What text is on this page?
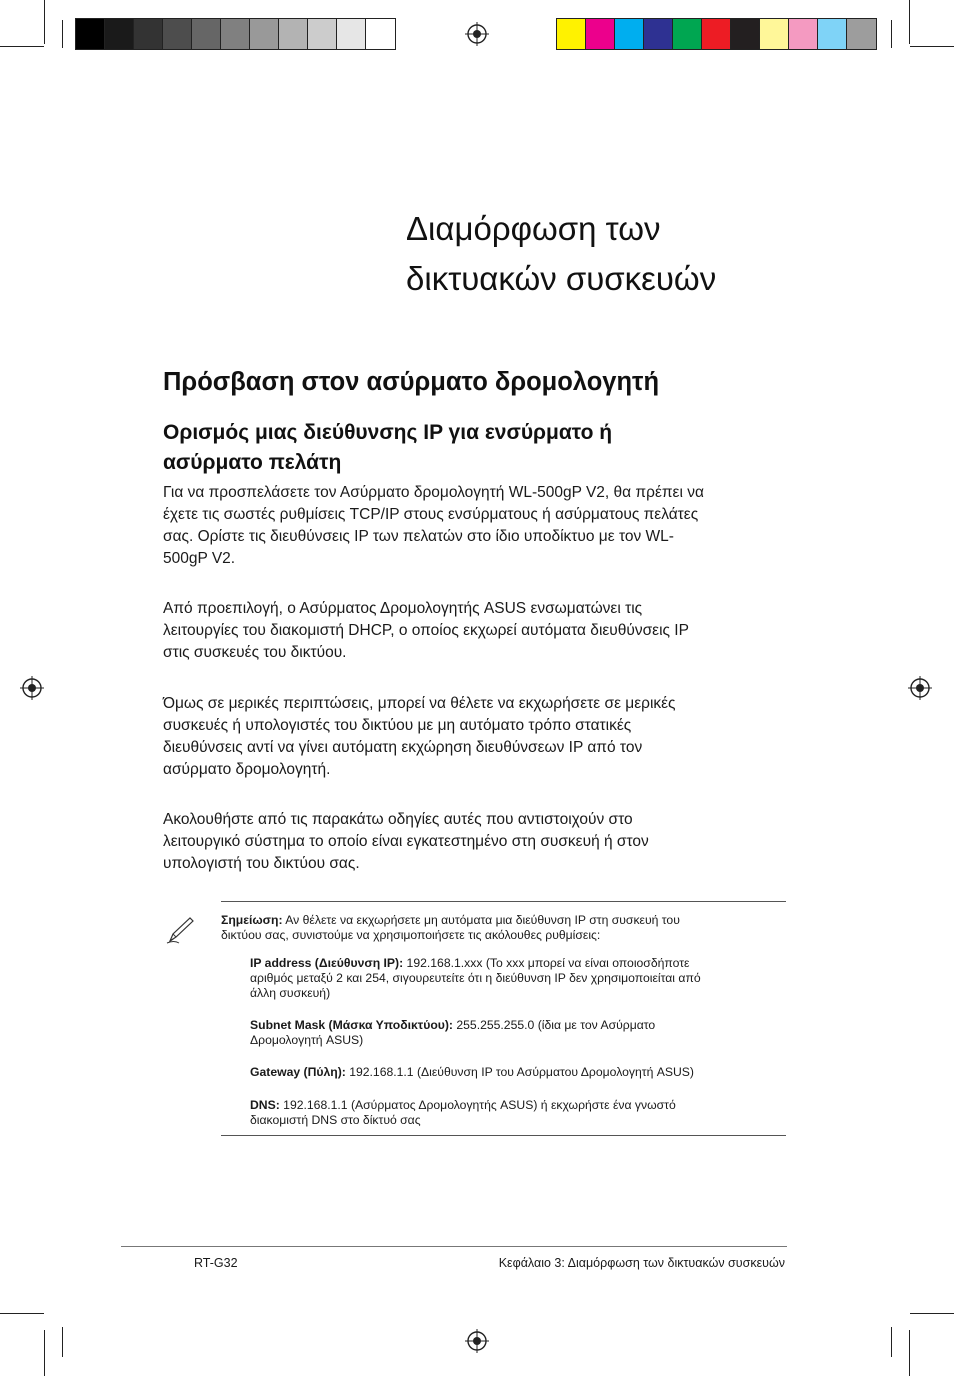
Διαμόρφωση των
δικτυακών συσκευών
Πρόσβαση στον ασύρματο δρομολογητή
Ορισμός μιας διεύθυνσης IP για ενσύρματο ή
ασύρματο πελάτη
Για να προσπελάσετε τον Ασύρματο δρομολογητή WL-500gP V2, θα πρέπει να
έχετε τις σωστές ρυθμίσεις TCP/IP στους ενσύρματους ή ασύρματους πελάτες
σας. Ορίστε τις διευθύνσεις IP των πελατών στο ίδιο υποδίκτυο με τον WL-
500gP V2.
Από προεπιλογή, ο Ασύρματος Δρομολογητής ASUS ενσωματώνει τις
λειτουργίες του διακομιστή DHCP, ο οποίος εκχωρεί αυτόματα διευθύνσεις IP
στις συσκευές του δικτύου.
Όμως σε μερικές περιπτώσεις, μπορεί να θέλετε να εκχωρήσετε σε μερικές
συσκευές ή υπολογιστές του δικτύου με μη αυτόματο τρόπο στατικές
διευθύνσεις αντί να γίνει αυτόματη εκχώρηση διευθύνσεων IP από τον
ασύρματο δρομολογητή.
Ακολουθήστε από τις παρακάτω οδηγίες αυτές που αντιστοιχούν στο
λειτουργικό σύστημα το οποίο είναι εγκατεστημένο στη συσκευή ή στον
υπολογιστή του δικτύου σας.
Σημείωση: Αν θέλετε να εκχωρήσετε μη αυτόματα μια διεύθυνση IP στη συσκευή του
δικτύου σας, συνιστούμε να χρησιμοποιήσετε τις ακόλουθες ρυθμίσεις:
IP address (Διεύθυνση IP): 192.168.1.xxx (Το xxx μπορεί να είναι οποιοσδήποτε
αριθμός μεταξύ 2 και 254, σιγουρευτείτε ότι η διεύθυνση IP δεν χρησιμοποιείται από
άλλη συσκευή)
Subnet Mask (Μάσκα Υποδικτύου): 255.255.255.0 (ίδια με τον Ασύρματο
Δρομολογητή ASUS)
Gateway (Πύλη): 192.168.1.1 (Διεύθυνση IP του Ασύρματου Δρομολογητή ASUS)
DNS: 192.168.1.1 (Ασύρματος Δρομολογητής ASUS) ή εκχωρήστε ένα γνωστό
διακομιστή DNS στο δίκτυό σας
RT-G32	Κεφάλαιο 3: Διαμόρφωση των δικτυακών συσκευών
